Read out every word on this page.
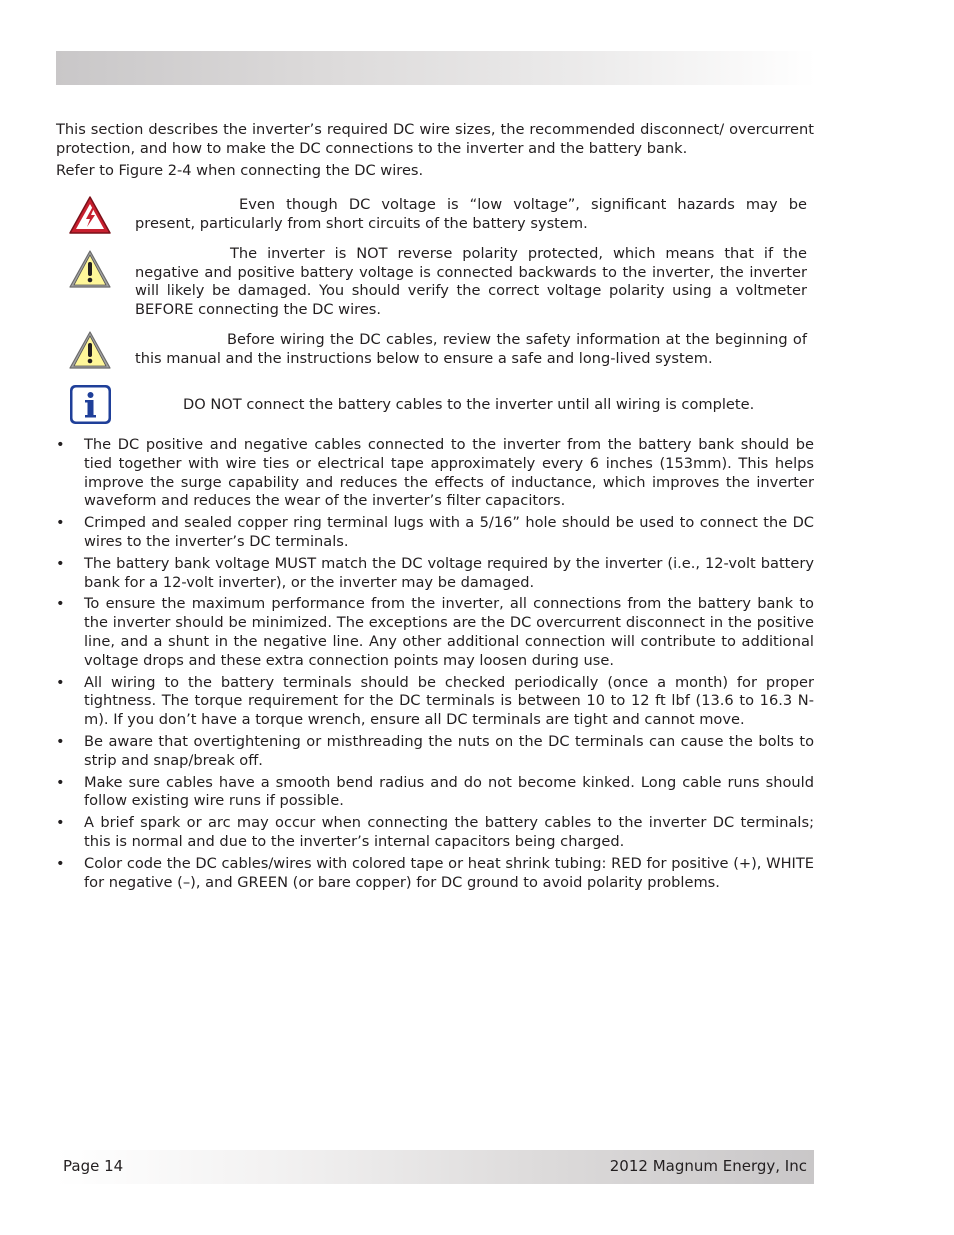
This section describes the inverter’s required DC wire sizes, the recommended disconnect/ overcurrent protection, and how to make the DC connections to the inverter and the battery bank.

Refer to Figure 2-4 when connecting the DC wires.

Even though DC voltage is “low voltage”, significant hazards may be present, particularly from short circuits of the battery system.

The inverter is NOT reverse polarity protected, which means that if the negative and positive battery voltage is connected backwards to the inverter, the inverter will likely be damaged. You should verify the correct voltage polarity using a voltmeter BEFORE connecting the DC wires.

Before wiring the DC cables, review the safety information at the beginning of this manual and the instructions below to ensure a safe and long-lived system.

DO NOT connect the battery cables to the inverter until all wiring is complete.
• The DC positive and negative cables connected to the inverter from the battery bank should be tied together with wire ties or electrical tape approximately every 6 inches (153mm). This helps improve the surge capability and reduces the effects of inductance, which improves the inverter waveform and reduces the wear of the inverter’s filter capacitors.
• Crimped and sealed copper ring terminal lugs with a 5/16” hole should be used to connect the DC wires to the inverter’s DC terminals.
• The battery bank voltage MUST match the DC voltage required by the inverter (i.e., 12-volt battery bank for a 12-volt inverter), or the inverter may be damaged.
• To ensure the maximum performance from the inverter, all connections from the battery bank to the inverter should be minimized. The exceptions are the DC overcurrent disconnect in the positive line, and a shunt in the negative line. Any other additional connection will contribute to additional voltage drops and these extra connection points may loosen during use.
• All wiring to the battery terminals should be checked periodically (once a month) for proper tightness. The torque requirement for the DC terminals is between 10 to 12 ft lbf (13.6 to 16.3 N-m). If you don’t have a torque wrench, ensure all DC terminals are tight and cannot move.
• Be aware that overtightening or misthreading the nuts on the DC terminals can cause the bolts to strip and snap/break off.
• Make sure cables have a smooth bend radius and do not become kinked. Long cable runs should follow existing wire runs if possible.
• A brief spark or arc may occur when connecting the battery cables to the inverter DC terminals; this is normal and due to the inverter’s internal capacitors being charged.
• Color code the DC cables/wires with colored tape or heat shrink tubing: RED for positive (+), WHITE for negative (–), and GREEN (or bare copper) for DC ground to avoid polarity problems.
Page 14	2012 Magnum Energy, Inc
